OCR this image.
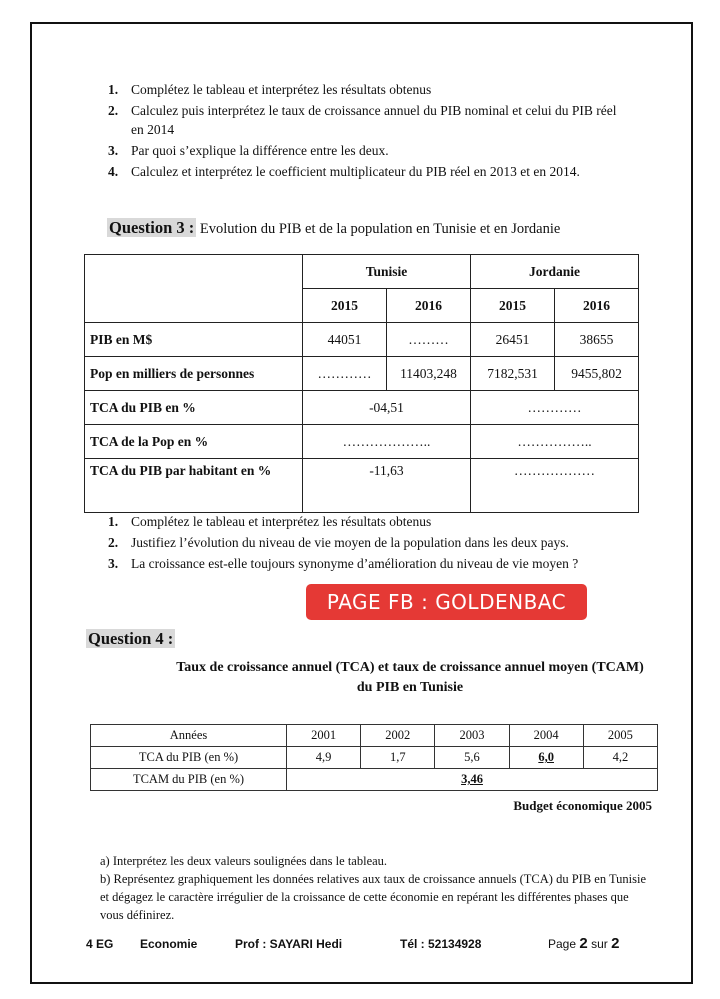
1. Complétez le tableau et interprétez les résultats obtenus
2. Calculez puis interprétez le taux de croissance annuel du PIB nominal et celui du PIB réel en 2014
3. Par quoi s’explique la différence entre les deux.
4. Calculez et interprétez le coefficient multiplicateur du PIB réel en 2013 et en 2014.
Question 3 : Evolution du PIB et de la population en Tunisie et en Jordanie
	Tunisie		Jordanie	
	2015	2016	2015	2016
PIB en M$	44051	………	26451	38655
Pop en milliers de personnes	…………	11403,248	7182,531	9455,802
TCA du PIB en %	-04,51		…………	
TCA de la Pop en %	………………..		……………..	
TCA du PIB par habitant en %	-11,63		………………	
1. Complétez le tableau et interprétez les résultats obtenus
2. Justifiez l’évolution du niveau de vie moyen de la population dans les deux pays.
3. La croissance est-elle toujours synonyme d’amélioration du niveau de vie moyen ?
PAGE FB : GOLDENBAC
Question 4 :
Taux de croissance annuel (TCA) et taux de croissance annuel moyen (TCAM)
du PIB en Tunisie
Années	2001	2002	2003	2004	2005
TCA du PIB (en %)	4,9	1,7	5,6	6,0	4,2
TCAM du PIB (en %)	3,46				
Budget économique 2005
a) Interprétez les deux valeurs soulignées dans le tableau.
b) Représentez graphiquement les données relatives aux taux de croissance annuels (TCA) du PIB en Tunisie et dégagez le caractère irrégulier de la croissance de cette économie en repérant les différentes phases que vous définirez.
4 EG Economie	Prof : SAYARI Hedi	Tél : 52134928	Page 2 sur 2
